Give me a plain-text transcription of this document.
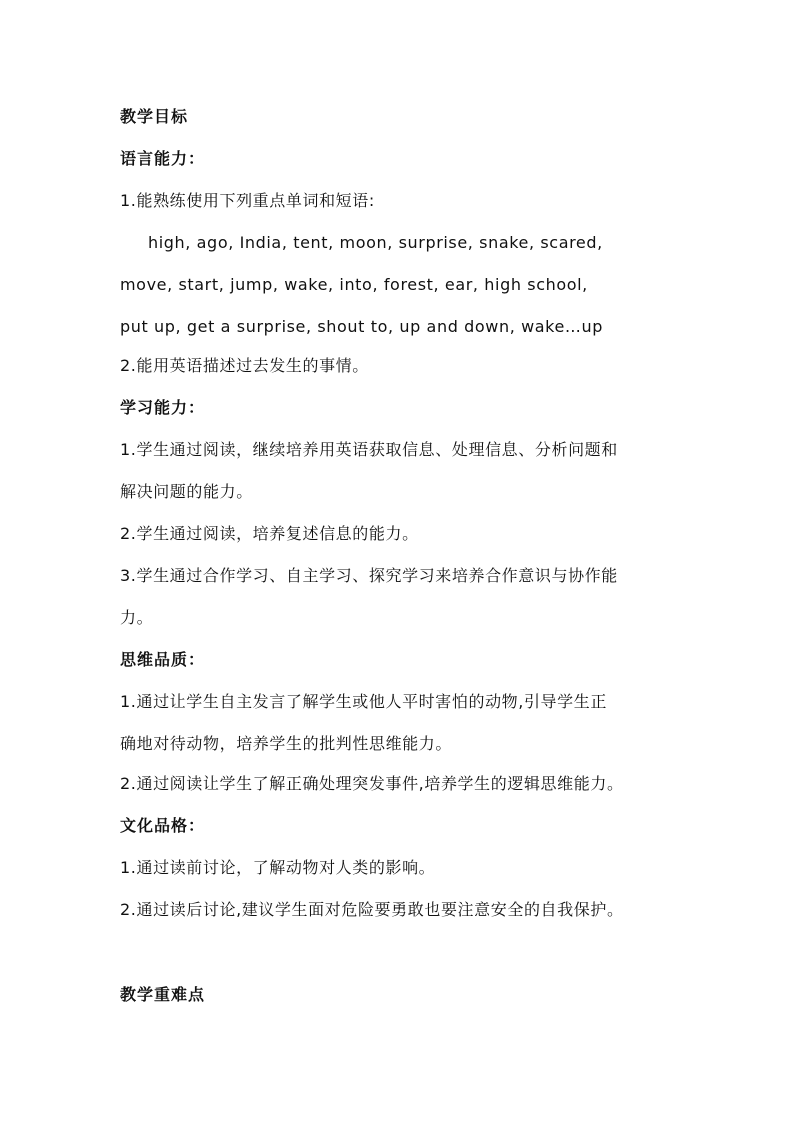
教学目标
语言能力：
1.能熟练使用下列重点单词和短语:
high, ago, India, tent, moon, surprise, snake, scared,
move, start, jump, wake, into, forest, ear, high school,
put up, get a surprise, shout to, up and down, wake…up
2.能用英语描述过去发生的事情。
学习能力：
1.学生通过阅读，继续培养用英语获取信息、处理信息、分析问题和
解决问题的能力。
2.学生通过阅读，培养复述信息的能力。
3.学生通过合作学习、自主学习、探究学习来培养合作意识与协作能
力。
思维品质：
1.通过让学生自主发言了解学生或他人平时害怕的动物,引导学生正
确地对待动物，培养学生的批判性思维能力。
2.通过阅读让学生了解正确处理突发事件,培养学生的逻辑思维能力。
文化品格：
1.通过读前讨论，了解动物对人类的影响。
2.通过读后讨论,建议学生面对危险要勇敢也要注意安全的自我保护。
教学重难点
